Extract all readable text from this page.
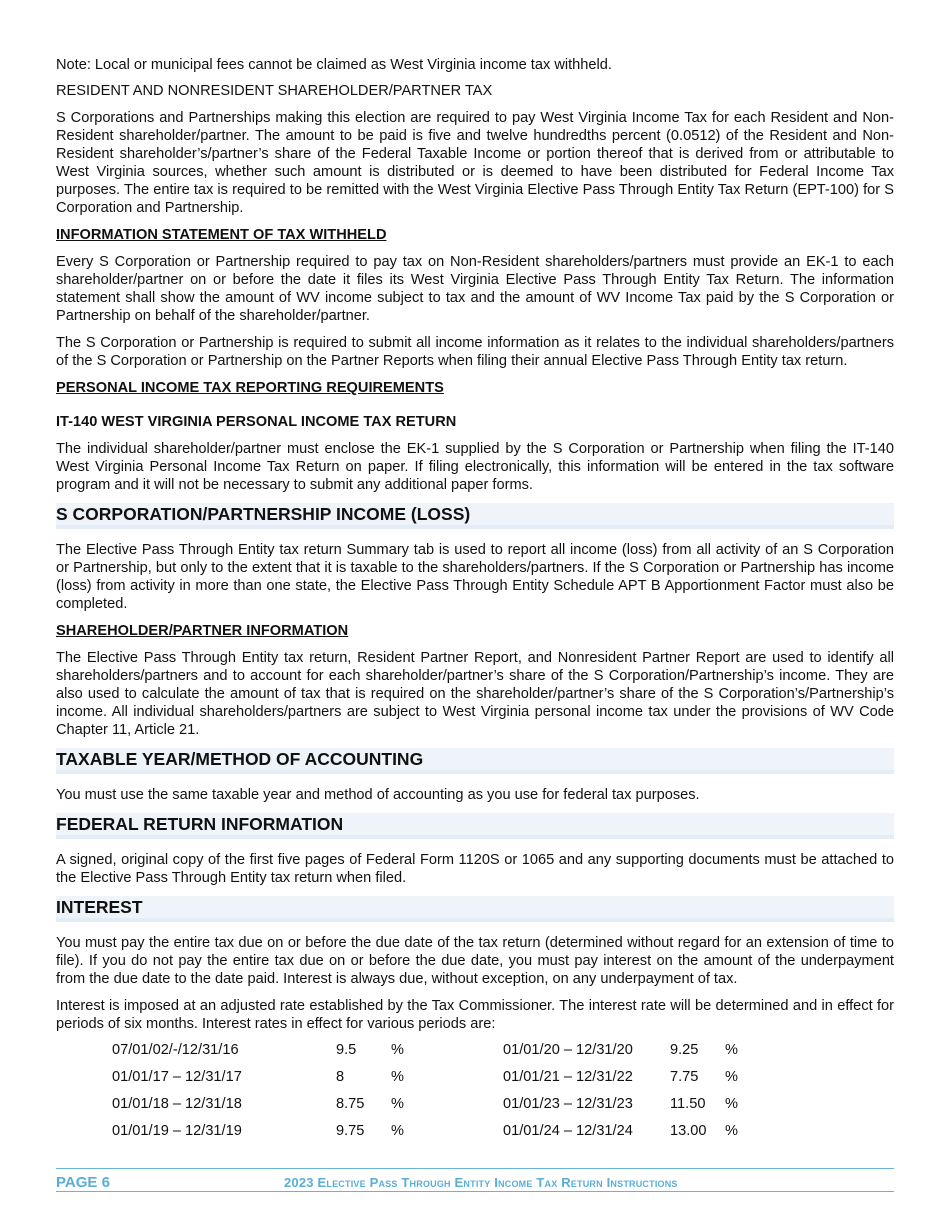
Note: Local or municipal fees cannot be claimed as West Virginia income tax withheld.

RESIDENT AND NONRESIDENT SHAREHOLDER/PARTNER TAX

S Corporations and Partnerships making this election are required to pay West Virginia Income Tax for each Resident and Non-Resident shareholder/partner. The amount to be paid is five and twelve hundredths percent (0.0512) of the Resident and Non-Resident shareholder’s/partner’s share of the Federal Taxable Income or portion thereof that is derived from or attributable to West Virginia sources, whether such amount is distributed or is deemed to have been distributed for Federal Income Tax purposes. The entire tax is required to be remitted with the West Virginia Elective Pass Through Entity Tax Return (EPT-100) for S Corporation and Partnership.

INFORMATION STATEMENT OF TAX WITHHELD

Every S Corporation or Partnership required to pay tax on Non-Resident shareholders/partners must provide an EK-1 to each shareholder/partner on or before the date it files its West Virginia Elective Pass Through Entity Tax Return. The information statement shall show the amount of WV income subject to tax and the amount of WV Income Tax paid by the S Corporation or Partnership on behalf of the shareholder/partner.

The S Corporation or Partnership is required to submit all income information as it relates to the individual shareholders/partners of the S Corporation or Partnership on the Partner Reports when filing their annual Elective Pass Through Entity tax return.

PERSONAL INCOME TAX REPORTING REQUIREMENTS
IT-140 WEST VIRGINIA PERSONAL INCOME TAX RETURN

The individual shareholder/partner must enclose the EK-1 supplied by the S Corporation or Partnership when filing the IT-140 West Virginia Personal Income Tax Return on paper. If filing electronically, this information will be entered in the tax software program and it will not be necessary to submit any additional paper forms.

S CORPORATION/PARTNERSHIP INCOME (LOSS)

The Elective Pass Through Entity tax return Summary tab is used to report all income (loss) from all activity of an S Corporation or Partnership, but only to the extent that it is taxable to the shareholders/partners. If the S Corporation or Partnership has income (loss) from activity in more than one state, the Elective Pass Through Entity Schedule APT B Apportionment Factor must also be completed.

SHAREHOLDER/PARTNER INFORMATION

The Elective Pass Through Entity tax return, Resident Partner Report, and Nonresident Partner Report are used to identify all shareholders/partners and to account for each shareholder/partner’s share of the S Corporation/Partnership’s income. They are also used to calculate the amount of tax that is required on the shareholder/partner’s share of the S Corporation’s/Partnership’s income. All individual shareholders/partners are subject to West Virginia personal income tax under the provisions of WV Code Chapter 11, Article 21.

TAXABLE YEAR/METHOD OF ACCOUNTING

You must use the same taxable year and method of accounting as you use for federal tax purposes.

FEDERAL RETURN INFORMATION

A signed, original copy of the first five pages of Federal Form 1120S or 1065 and any supporting documents must be attached to the Elective Pass Through Entity tax return when filed.

INTEREST

You must pay the entire tax due on or before the due date of the tax return (determined without regard for an extension of time to file). If you do not pay the entire tax due on or before the due date, you must pay interest on the amount of the underpayment from the due date to the date paid. Interest is always due, without exception, on any underpayment of tax.

Interest is imposed at an adjusted rate established by the Tax Commissioner. The interest rate will be determined and in effect for periods of six months. Interest rates in effect for various periods are:

07/01/02/-/12/31/16	9.5	%	01/01/20 – 12/31/20	9.25	%
01/01/17 – 12/31/17	8	%	01/01/21 – 12/31/22	7.75	%
01/01/18 – 12/31/18	8.75	%	01/01/23 – 12/31/23	11.50	%
01/01/19 – 12/31/19	9.75	%	01/01/24 – 12/31/24	13.00	%
PAGE 6	2023 Elective Pass Through Entity Income Tax Return Instructions
